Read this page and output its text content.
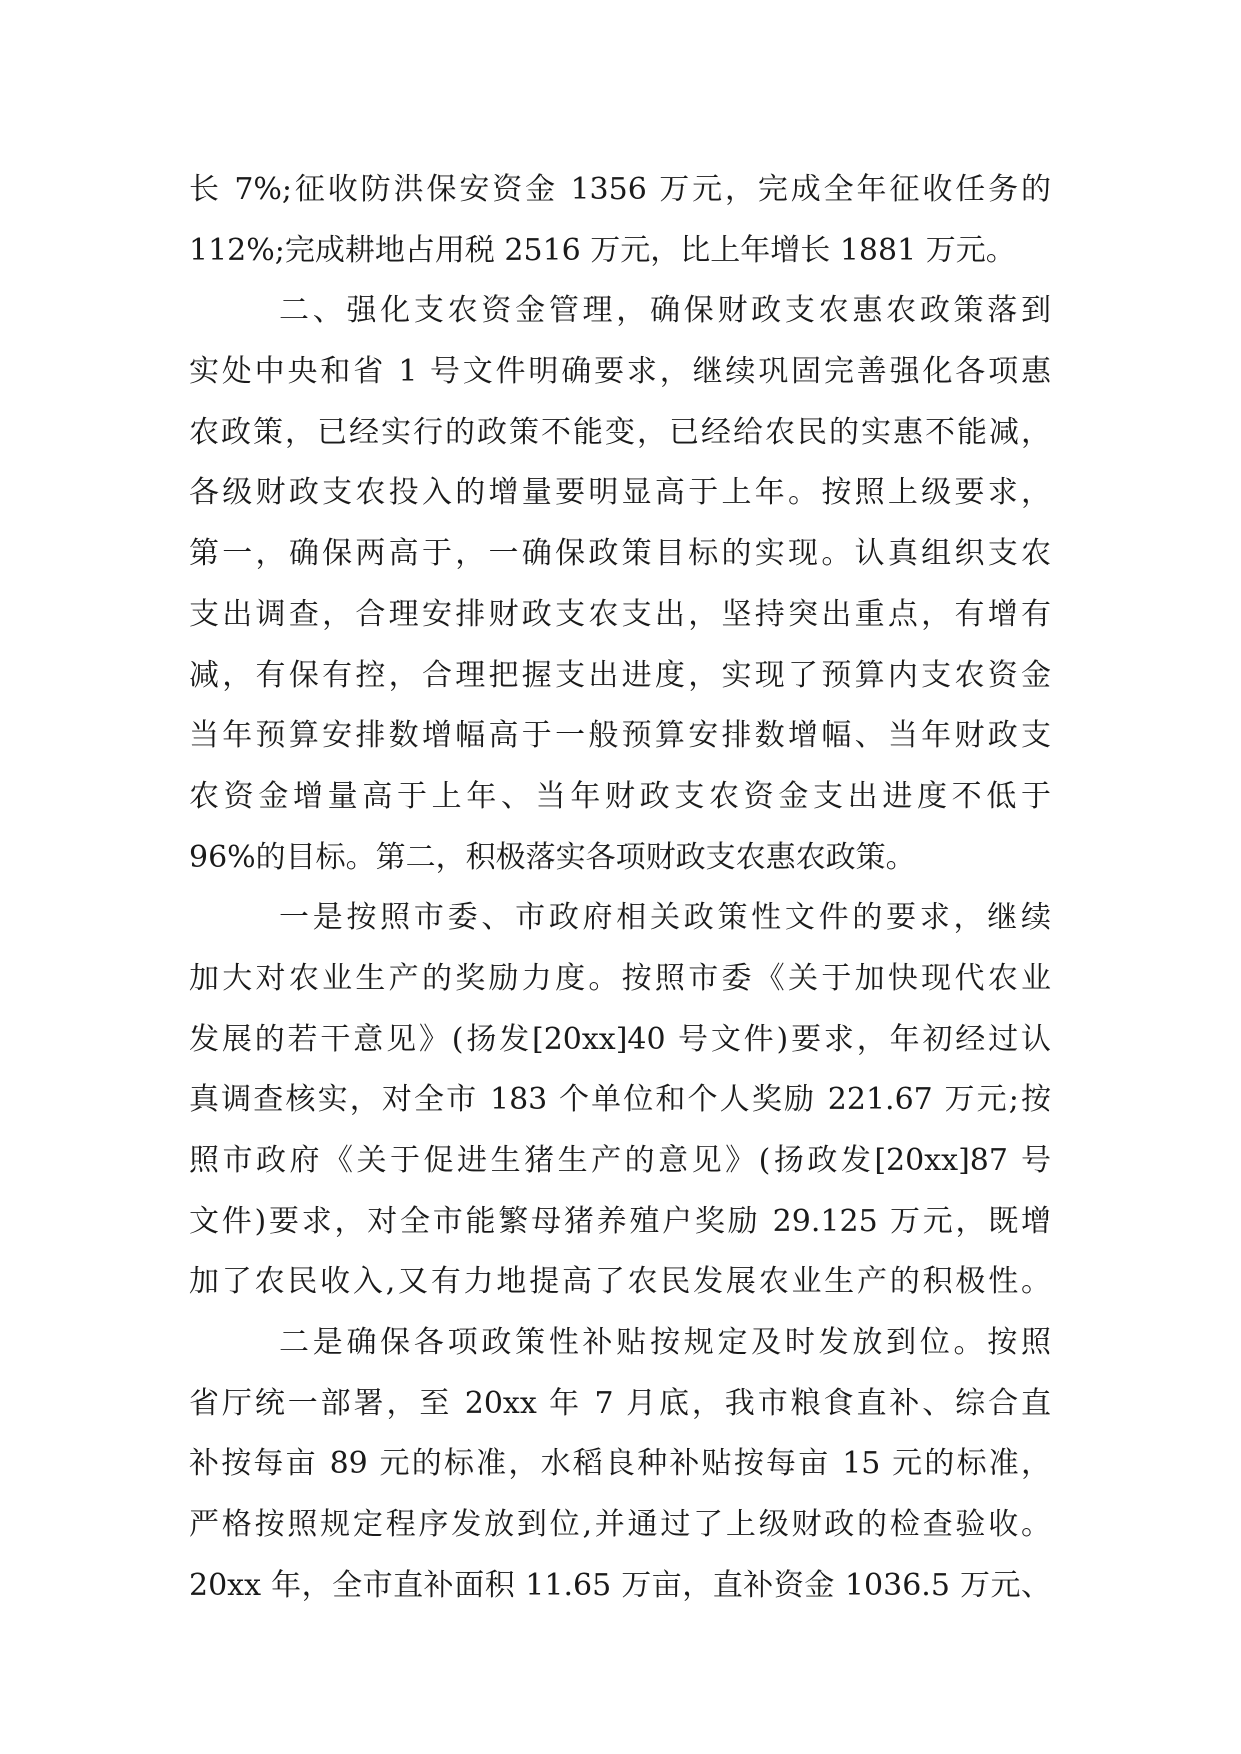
长 7%;征收防洪保安资金 1356 万元，完成全年征收任务的
112%;完成耕地占用税 2516 万元，比上年增长 1881 万元。
二、强化支农资金管理，确保财政支农惠农政策落到
实处中央和省 1 号文件明确要求，继续巩固完善强化各项惠
农政策，已经实行的政策不能变，已经给农民的实惠不能减，
各级财政支农投入的增量要明显高于上年。按照上级要求，
第一，确保两高于，一确保政策目标的实现。认真组织支农
支出调查，合理安排财政支农支出，坚持突出重点，有增有
减，有保有控，合理把握支出进度，实现了预算内支农资金
当年预算安排数增幅高于一般预算安排数增幅、当年财政支
农资金增量高于上年、当年财政支农资金支出进度不低于
96%的目标。第二，积极落实各项财政支农惠农政策。
一是按照市委、市政府相关政策性文件的要求，继续
加大对农业生产的奖励力度。按照市委《关于加快现代农业
发展的若干意见》(扬发[20xx]40 号文件)要求，年初经过认
真调查核实，对全市 183 个单位和个人奖励 221.67 万元;按
照市政府《关于促进生猪生产的意见》(扬政发[20xx]87 号
文件)要求，对全市能繁母猪养殖户奖励 29.125 万元，既增
加了农民收入,又有力地提高了农民发展农业生产的积极性。
二是确保各项政策性补贴按规定及时发放到位。按照
省厅统一部署，至 20xx 年 7 月底，我市粮食直补、综合直
补按每亩 89 元的标准，水稻良种补贴按每亩 15 元的标准，
严格按照规定程序发放到位,并通过了上级财政的检查验收。
20xx 年，全市直补面积 11.65 万亩，直补资金 1036.5 万元、
